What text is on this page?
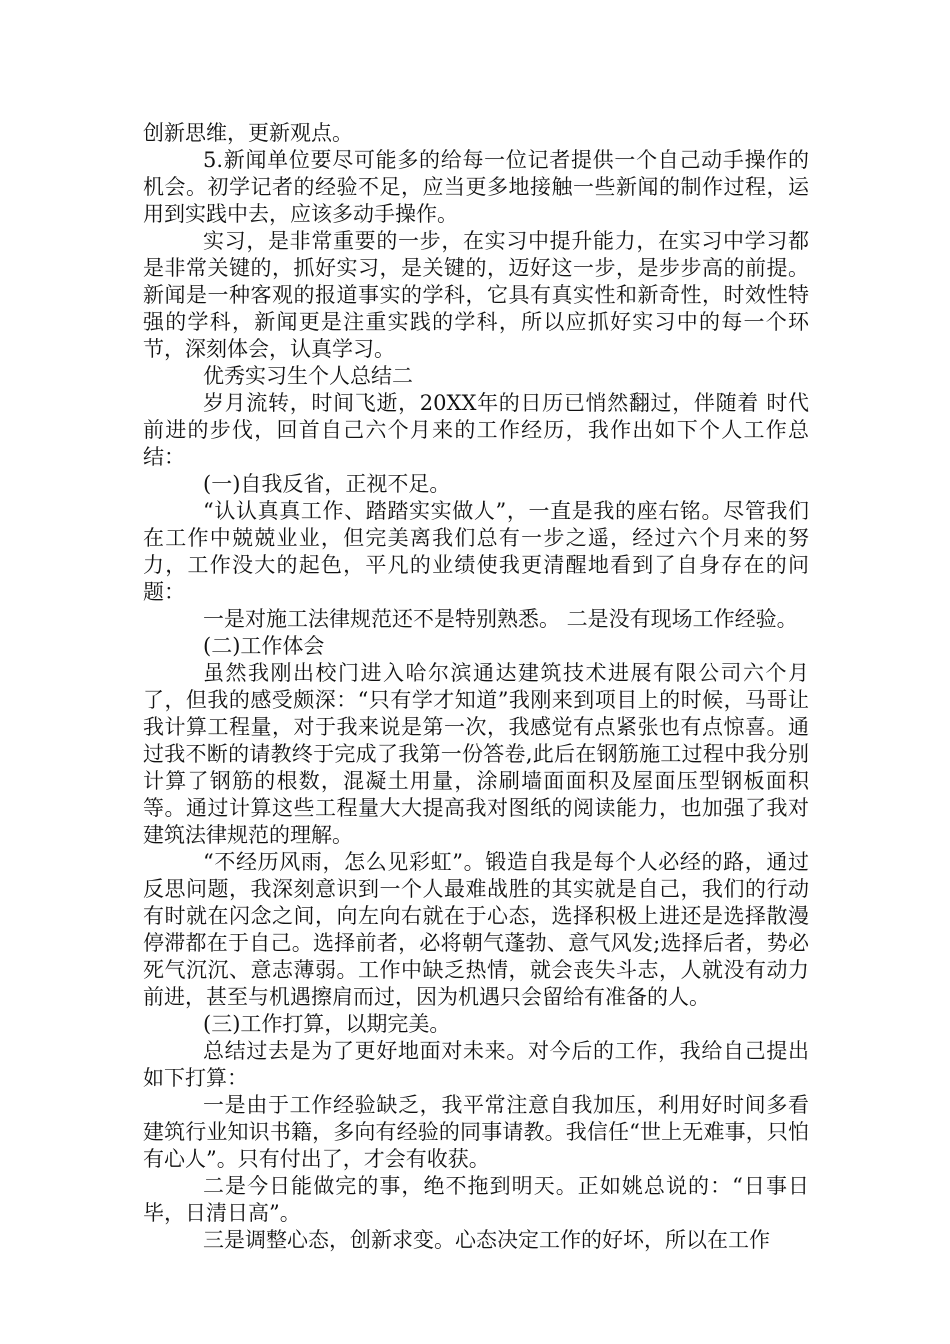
创新思维，更新观点。

5.新闻单位要尽可能多的给每一位记者提供一个自己动手操作的机会。初学记者的经验不足，应当更多地接触一些新闻的制作过程，运用到实践中去，应该多动手操作。

实习，是非常重要的一步，在实习中提升能力，在实习中学习都是非常关键的，抓好实习，是关键的，迈好这一步，是步步高的前提。新闻是一种客观的报道事实的学科，它具有真实性和新奇性，时效性特强的学科，新闻更是注重实践的学科，所以应抓好实习中的每一个环节，深刻体会，认真学习。

优秀实习生个人总结二

岁月流转，时间飞逝，20XX年的日历已悄然翻过，伴随着 时代前进的步伐，回首自己六个月来的工作经历，我作出如下个人工作总结：

(一)自我反省，正视不足。

“认认真真工作、踏踏实实做人”，一直是我的座右铭。尽管我们在工作中兢兢业业，但完美离我们总有一步之遥，经过六个月来的努力，工作没大的起色，平凡的业绩使我更清醒地看到了自身存在的问题：

一是对施工法律规范还不是特别熟悉。 二是没有现场工作经验。

(二)工作体会

虽然我刚出校门进入哈尔滨通达建筑技术进展有限公司六个月了，但我的感受颇深：“只有学才知道”我刚来到项目上的时候，马哥让我计算工程量，对于我来说是第一次，我感觉有点紧张也有点惊喜。通过我不断的请教终于完成了我第一份答卷,此后在钢筋施工过程中我分别计算了钢筋的根数，混凝土用量，涂刷墙面面积及屋面压型钢板面积等。通过计算这些工程量大大提高我对图纸的阅读能力，也加强了我对建筑法律规范的理解。

“不经历风雨，怎么见彩虹”。锻造自我是每个人必经的路，通过反思问题，我深刻意识到一个人最难战胜的其实就是自己，我们的行动有时就在闪念之间，向左向右就在于心态，选择积极上进还是选择散漫停滞都在于自己。选择前者，必将朝气蓬勃、意气风发;选择后者，势必死气沉沉、意志薄弱。工作中缺乏热情，就会丧失斗志，人就没有动力前进，甚至与机遇擦肩而过，因为机遇只会留给有准备的人。

(三)工作打算，以期完美。

总结过去是为了更好地面对未来。对今后的工作，我给自己提出如下打算：

一是由于工作经验缺乏，我平常注意自我加压，利用好时间多看建筑行业知识书籍，多向有经验的同事请教。我信任“世上无难事，只怕有心人”。只有付出了，才会有收获。

二是今日能做完的事，绝不拖到明天。正如姚总说的：“日事日毕，日清日高”。

三是调整心态，创新求变。心态决定工作的好坏，所以在工作
